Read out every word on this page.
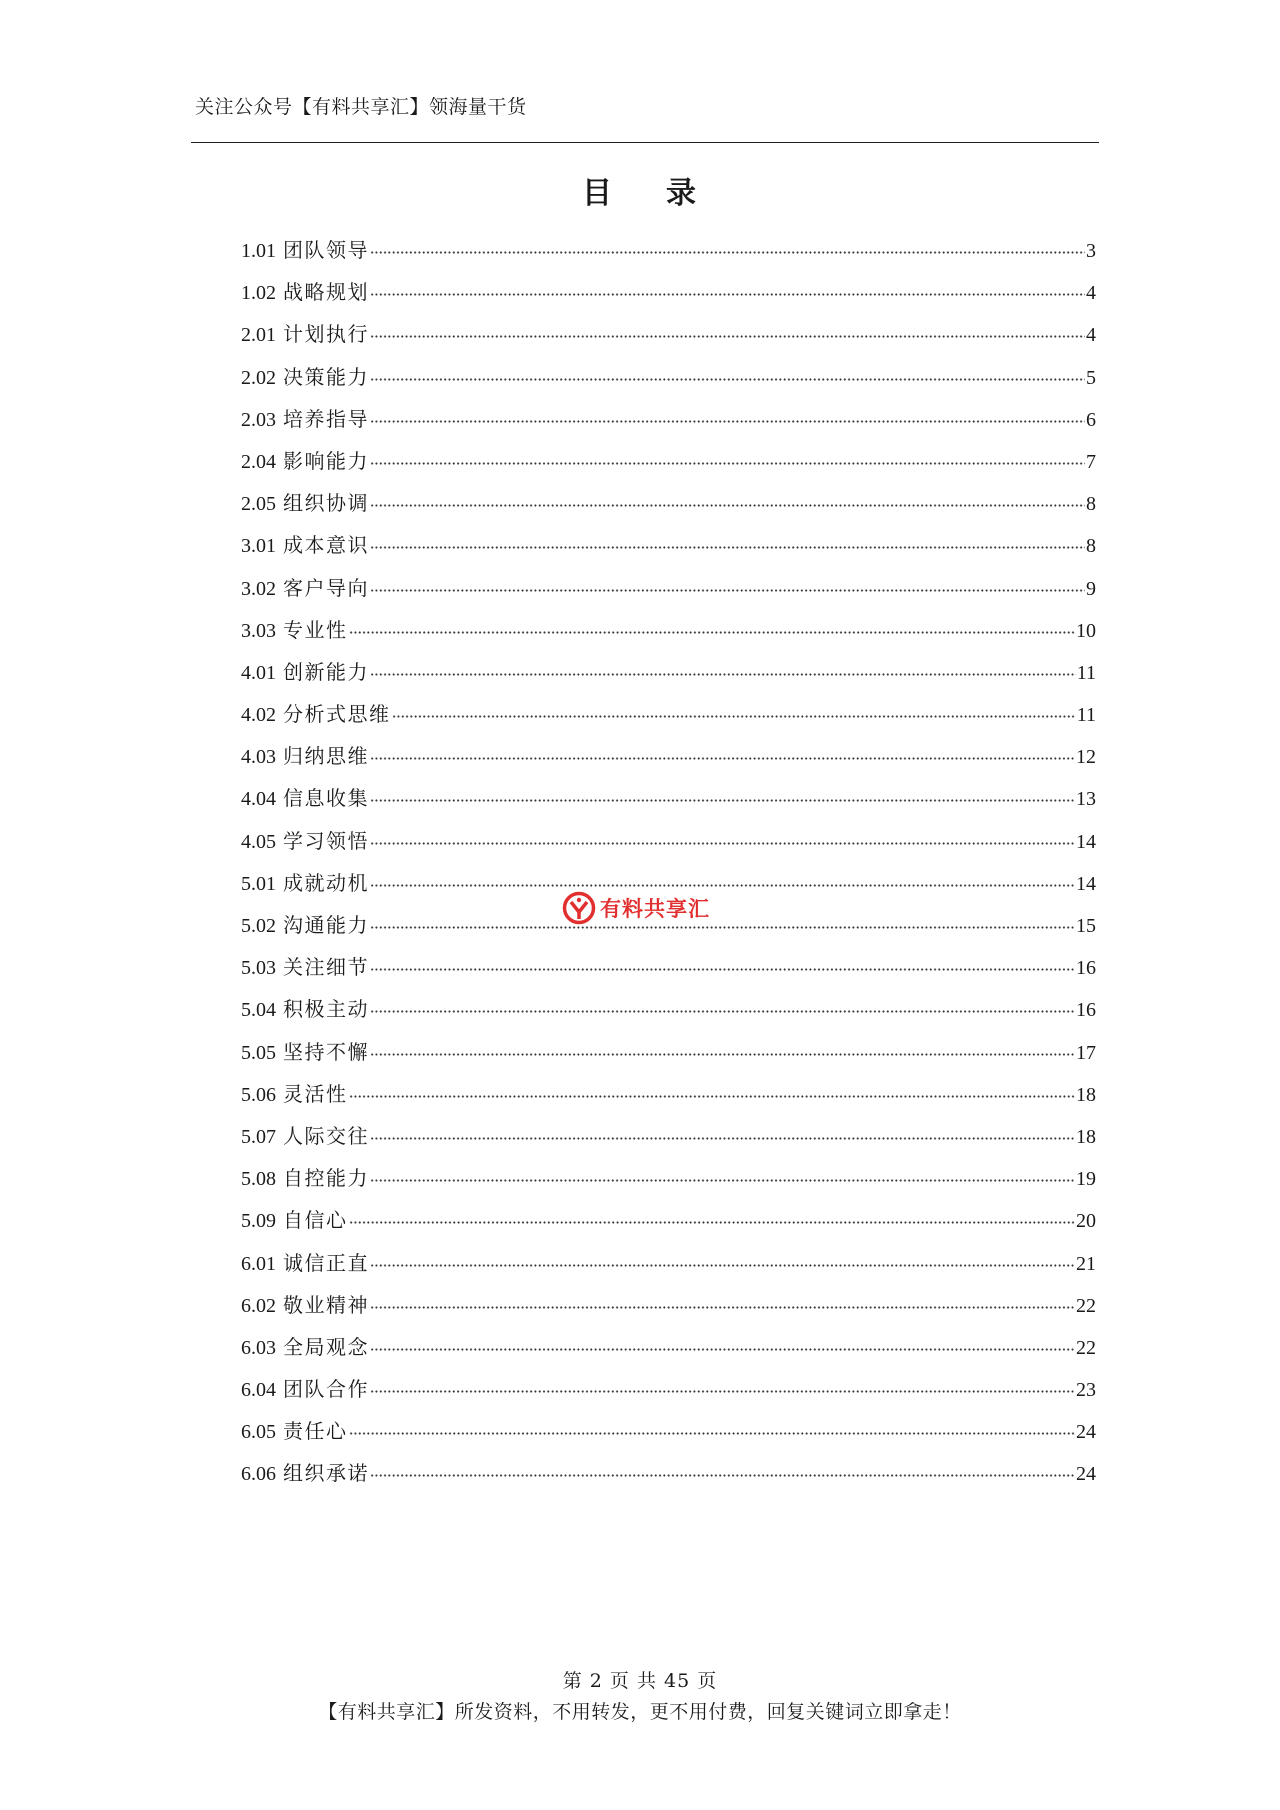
关注公众号【有料共享汇】领海量干货
目 录
1.01 团队领导	3
1.02 战略规划	4
2.01 计划执行	4
2.02 决策能力	5
2.03 培养指导	6
2.04 影响能力	7
2.05 组织协调	8
3.01 成本意识	8
3.02 客户导向	9
3.03 专业性	10
4.01 创新能力	11
4.02 分析式思维	11
4.03 归纳思维	12
4.04 信息收集	13
4.05 学习领悟	14
5.01 成就动机	14
5.02 沟通能力	15
5.03 关注细节	16
5.04 积极主动	16
5.05 坚持不懈	17
5.06 灵活性	18
5.07 人际交往	18
5.08 自控能力	19
5.09 自信心	20
6.01 诚信正直	21
6.02 敬业精神	22
6.03 全局观念	22
6.04 团队合作	23
6.05 责任心	24
6.06 组织承诺	24
有料共享汇
第 2 页 共 45 页
【有料共享汇】所发资料，不用转发，更不用付费，回复关键词立即拿走！
